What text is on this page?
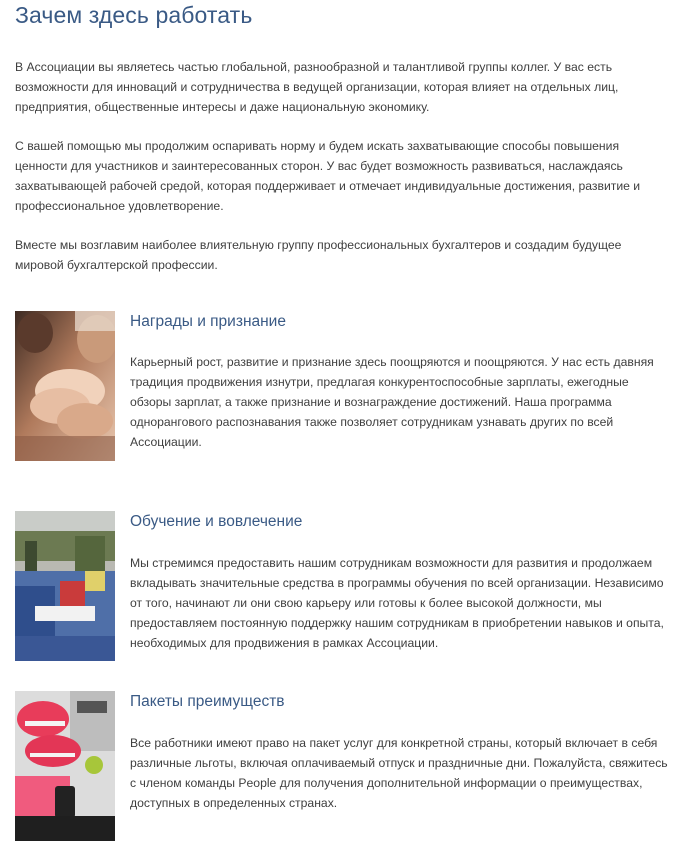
Зачем здесь работать

В Ассоциации вы являетесь частью глобальной, разнообразной и талантливой группы коллег. У вас есть возможности для инноваций и сотрудничества в ведущей организации, которая влияет на отдельных лиц, предприятия, общественные интересы и даже национальную экономику.

С вашей помощью мы продолжим оспаривать норму и будем искать захватывающие способы повышения ценности для участников и заинтересованных сторон. У вас будет возможность развиваться, наслаждаясь захватывающей рабочей средой, которая поддерживает и отмечает индивидуальные достижения, развитие и профессиональное удовлетворение.

Вместе мы возглавим наиболее влиятельную группу профессиональных бухгалтеров и создадим будущее мировой бухгалтерской профессии.

Награды и признание

Карьерный рост, развитие и признание здесь поощряются и поощряются. У нас есть давняя традиция продвижения изнутри, предлагая конкурентоспособные зарплаты, ежегодные обзоры зарплат, а также признание и вознаграждение достижений. Наша программа однорангового распознавания также позволяет сотрудникам узнавать других по всей Ассоциации.

Обучение и вовлечение

Мы стремимся предоставить нашим сотрудникам возможности для развития и продолжаем вкладывать значительные средства в программы обучения по всей организации. Независимо от того, начинают ли они свою карьеру или готовы к более высокой должности, мы предоставляем постоянную поддержку нашим сотрудникам в приобретении навыков и опыта, необходимых для продвижения в рамках Ассоциации.

Пакеты преимуществ

Все работники имеют право на пакет услуг для конкретной страны, который включает в себя различные льготы, включая оплачиваемый отпуск и праздничные дни. Пожалуйста, свяжитесь с членом команды People для получения дополнительной информации о преимуществах, доступных в определенных странах.
